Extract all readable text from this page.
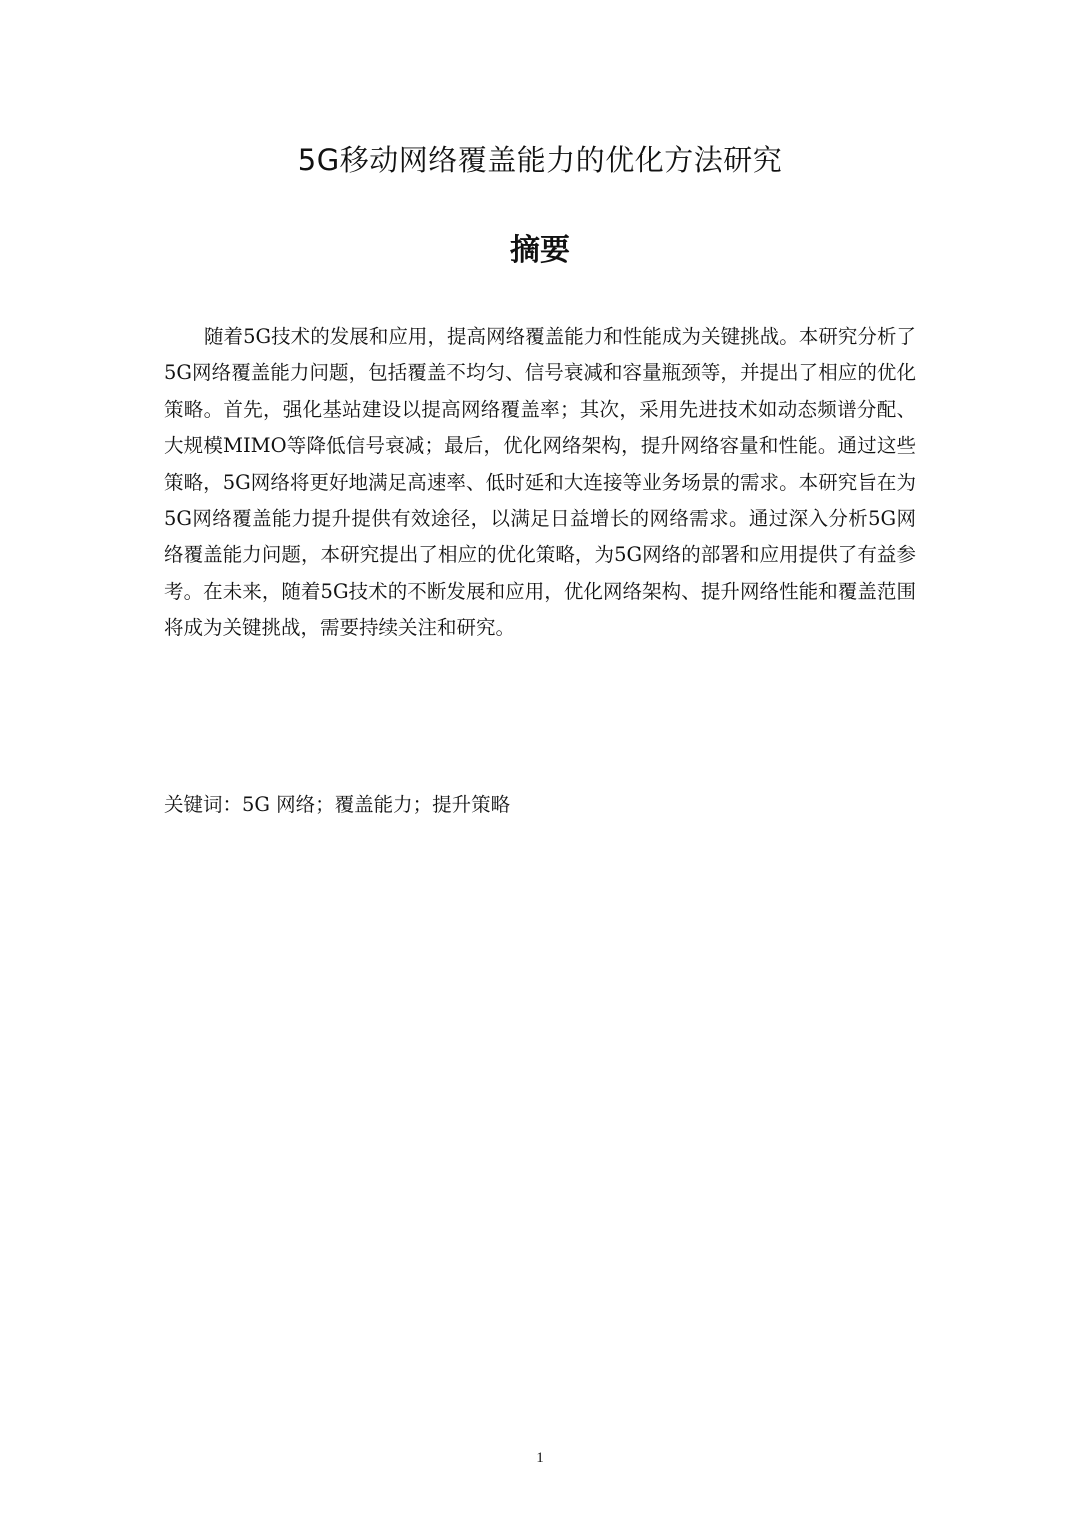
5G移动网络覆盖能力的优化方法研究
摘要

随着5G技术的发展和应用，提高网络覆盖能力和性能成为关键挑战。本研究分析了5G网络覆盖能力问题，包括覆盖不均匀、信号衰减和容量瓶颈等，并提出了相应的优化策略。首先，强化基站建设以提高网络覆盖率；其次，采用先进技术如动态频谱分配、大规模MIMO等降低信号衰减；最后，优化网络架构，提升网络容量和性能。通过这些策略，5G网络将更好地满足高速率、低时延和大连接等业务场景的需求。本研究旨在为5G网络覆盖能力提升提供有效途径，以满足日益增长的网络需求。通过深入分析5G网络覆盖能力问题，本研究提出了相应的优化策略，为5G网络的部署和应用提供了有益参考。在未来，随着5G技术的不断发展和应用，优化网络架构、提升网络性能和覆盖范围将成为关键挑战，需要持续关注和研究。

关键词：5G 网络；覆盖能力；提升策略
1
